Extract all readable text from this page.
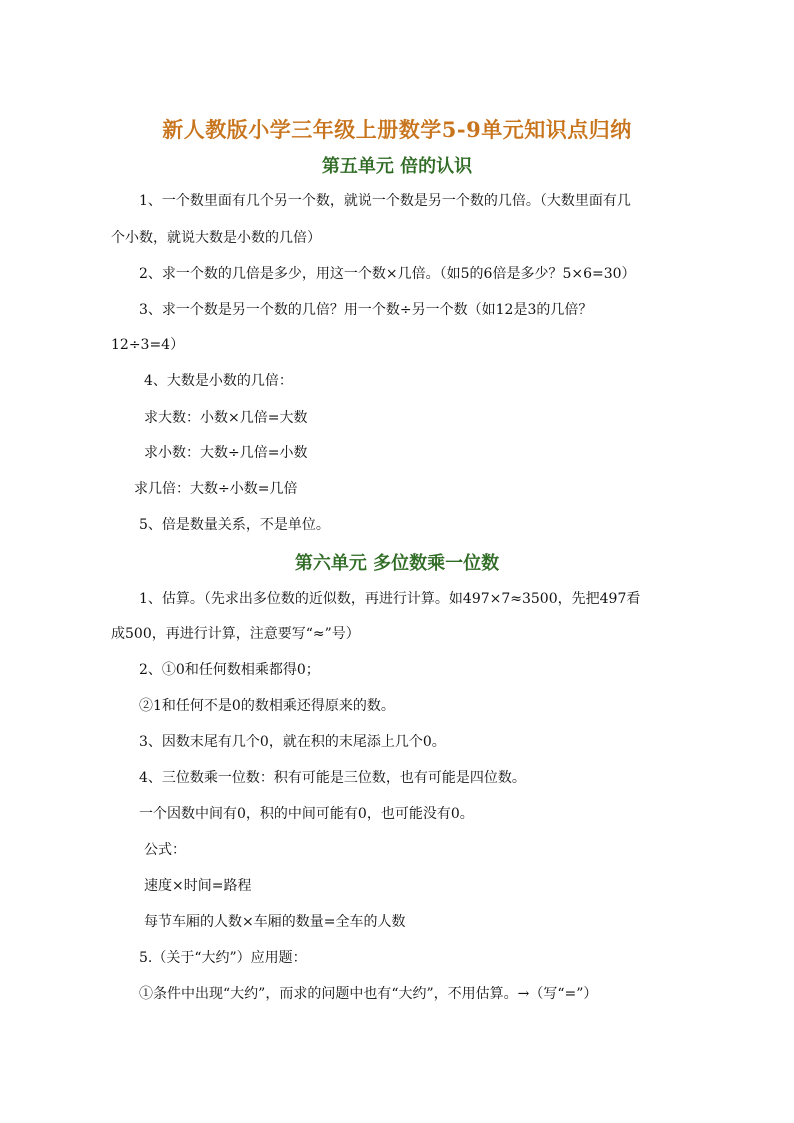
新人教版小学三年级上册数学5-9单元知识点归纳
第五单元 倍的认识
1、一个数里面有几个另一个数，就说一个数是另一个数的几倍。（大数里面有几
个小数，就说大数是小数的几倍）
2、求一个数的几倍是多少，用这一个数×几倍。（如5的6倍是多少？5×6=30）
3、求一个数是另一个数的几倍？用一个数÷另一个数（如12是3的几倍？
12÷3=4）
4、大数是小数的几倍：
求大数：小数×几倍=大数
求小数：大数÷几倍=小数
求几倍：大数÷小数=几倍
5、倍是数量关系，不是单位。
第六单元 多位数乘一位数
1、估算。（先求出多位数的近似数，再进行计算。如497×7≈3500，先把497看
成500，再进行计算，注意要写“≈”号）
2、①0和任何数相乘都得0；
②1和任何不是0的数相乘还得原来的数。
3、因数末尾有几个0，就在积的末尾添上几个0。
4、三位数乘一位数：积有可能是三位数，也有可能是四位数。
一个因数中间有0，积的中间可能有0，也可能没有0。
公式：
速度×时间=路程
每节车厢的人数×车厢的数量=全车的人数
5.（关于“大约”）应用题：
①条件中出现“大约”，而求的问题中也有“大约”，不用估算。→（写“=”）
